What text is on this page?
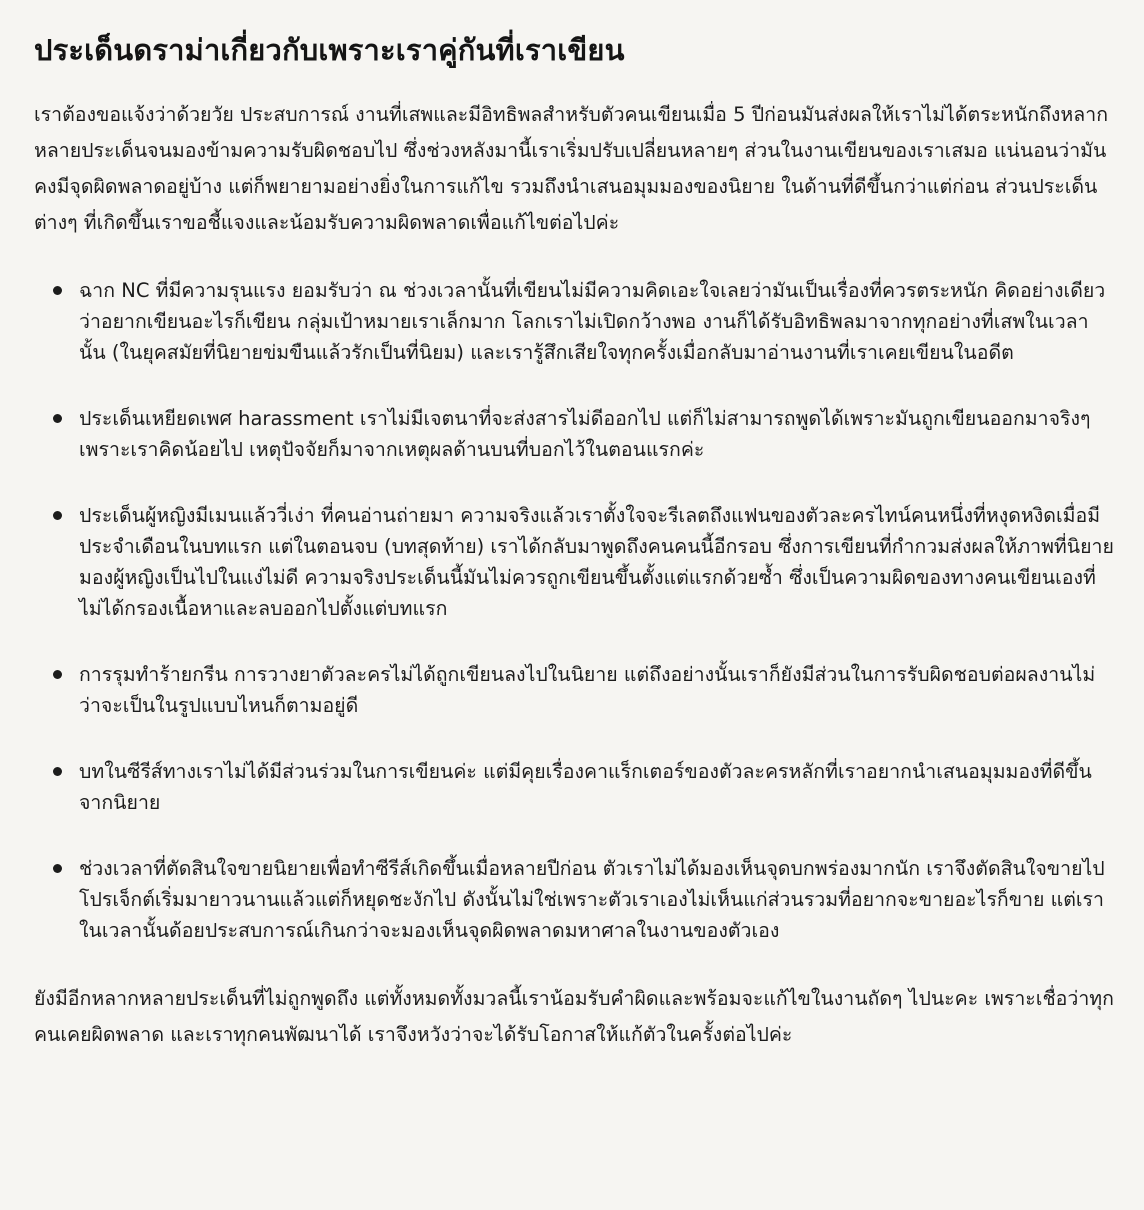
ประเด็นดราม่าเกี่ยวกับเพราะเราคู่กันที่เราเขียน

เราต้องขอแจ้งว่าด้วยวัย ประสบการณ์ งานที่เสพและมีอิทธิพลสำหรับตัวคนเขียนเมื่อ 5 ปีก่อนมันส่งผลให้เราไม่ได้ตระหนักถึงหลากหลายประเด็นจนมองข้ามความรับผิดชอบไป ซึ่งช่วงหลังมานี้เราเริ่มปรับเปลี่ยนหลายๆ ส่วนในงานเขียนของเราเสมอ แน่นอนว่ามันคงมีจุดผิดพลาดอยู่บ้าง แต่ก็พยายามอย่างยิ่งในการแก้ไข รวมถึงนำเสนอมุมมองของนิยาย ในด้านที่ดีขึ้นกว่าแต่ก่อน ส่วนประเด็นต่างๆ ที่เกิดขึ้นเราขอชี้แจงและน้อมรับความผิดพลาดเพื่อแก้ไขต่อไปค่ะ

ฉาก NC ที่มีความรุนแรง ยอมรับว่า ณ ช่วงเวลานั้นที่เขียนไม่มีความคิดเอะใจเลยว่ามันเป็นเรื่องที่ควรตระหนัก คิดอย่างเดียวว่าอยากเขียนอะไรก็เขียน กลุ่มเป้าหมายเราเล็กมาก โลกเราไม่เปิดกว้างพอ งานก็ได้รับอิทธิพลมาจากทุกอย่างที่เสพในเวลานั้น (ในยุคสมัยที่นิยายข่มขืนแล้วรักเป็นที่นิยม) และเรารู้สึกเสียใจทุกครั้งเมื่อกลับมาอ่านงานที่เราเคยเขียนในอดีต
ประเด็นเหยียดเพศ harassment เราไม่มีเจตนาที่จะส่งสารไม่ดีออกไป แต่ก็ไม่สามารถพูดได้เพราะมันถูกเขียนออกมาจริงๆ เพราะเราคิดน้อยไป เหตุปัจจัยก็มาจากเหตุผลด้านบนที่บอกไว้ในตอนแรกค่ะ
ประเด็นผู้หญิงมีเมนแล้ววี่เง่า ที่คนอ่านถ่ายมา ความจริงแล้วเราตั้งใจจะรีเลตถึงแฟนของตัวละครไทน์คนหนึ่งที่หงุดหงิดเมื่อมีประจำเดือนในบทแรก แต่ในตอนจบ (บทสุดท้าย) เราได้กลับมาพูดถึงคนคนนี้อีกรอบ ซึ่งการเขียนที่กำกวมส่งผลให้ภาพที่นิยายมองผู้หญิงเป็นไปในแง่ไม่ดี ความจริงประเด็นนี้มันไม่ควรถูกเขียนขึ้นตั้งแต่แรกด้วยซ้ำ ซึ่งเป็นความผิดของทางคนเขียนเองที่ไม่ได้กรองเนื้อหาและลบออกไปตั้งแต่บทแรก
การรุมทำร้ายกรีน การวางยาตัวละครไม่ได้ถูกเขียนลงไปในนิยาย แต่ถึงอย่างนั้นเราก็ยังมีส่วนในการรับผิดชอบต่อผลงานไม่ว่าจะเป็นในรูปแบบไหนก็ตามอยู่ดี
บทในซีรีส์ทางเราไม่ได้มีส่วนร่วมในการเขียนค่ะ แต่มีคุยเรื่องคาแร็กเตอร์ของตัวละครหลักที่เราอยากนำเสนอมุมมองที่ดีขึ้นจากนิยาย
ช่วงเวลาที่ตัดสินใจขายนิยายเพื่อทำซีรีส์เกิดขึ้นเมื่อหลายปีก่อน ตัวเราไม่ได้มองเห็นจุดบกพร่องมากนัก เราจึงตัดสินใจขายไป โปรเจ็กต์เริ่มมายาวนานแล้วแต่ก็หยุดชะงักไป ดังนั้นไม่ใช่เพราะตัวเราเองไม่เห็นแก่ส่วนรวมที่อยากจะขายอะไรก็ขาย แต่เราในเวลานั้นด้อยประสบการณ์เกินกว่าจะมองเห็นจุดผิดพลาดมหาศาลในงานของตัวเอง

ยังมีอีกหลากหลายประเด็นที่ไม่ถูกพูดถึง แต่ทั้งหมดทั้งมวลนี้เราน้อมรับคำผิดและพร้อมจะแก้ไขในงานถัดๆ ไปนะคะ เพราะเชื่อว่าทุกคนเคยผิดพลาด และเราทุกคนพัฒนาได้ เราจึงหวังว่าจะได้รับโอกาสให้แก้ตัวในครั้งต่อไปค่ะ
